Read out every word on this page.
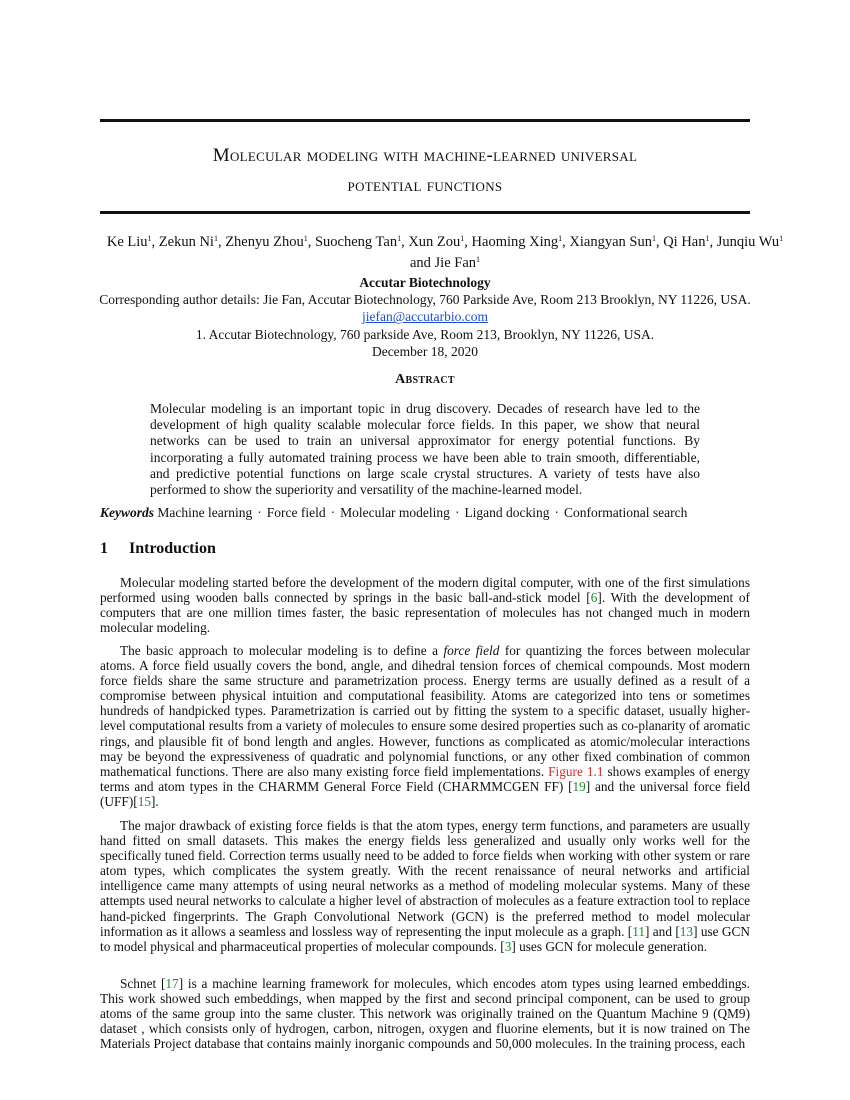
Molecular modeling with machine-learned universal
potential functions
Ke Liu$^1$, Zekun Ni$^1$, Zhenyu Zhou$^1$, Suocheng Tan$^1$, Xun Zou$^1$, Haoming Xing$^1$, Xiangyan Sun$^1$, Qi Han$^1$, Junqiu Wu$^1$
and Jie Fan$^1$
Accutar Biotechnology
Corresponding author details: Jie Fan, Accutar Biotechnology, 760 Parkside Ave, Room 213 Brooklyn, NY 11226, USA.
jiefan@accutarbio.com
1. Accutar Biotechnology, 760 parkside Ave, Room 213, Brooklyn, NY 11226, USA.
December 18, 2020
Abstract

Molecular modeling is an important topic in drug discovery. Decades of research have led to the development of high quality scalable molecular force fields. In this paper, we show that neural networks can be used to train an universal approximator for energy potential functions. By incorporating a fully automated training process we have been able to train smooth, differentiable, and predictive potential functions on large scale crystal structures. A variety of tests have also performed to show the superiority and versatility of the machine-learned model.

Keywords Machine learning · Force field · Molecular modeling · Ligand docking · Conformational search
1 Introduction

Molecular modeling started before the development of the modern digital computer, with one of the first simulations performed using wooden balls connected by springs in the basic ball-and-stick model [6]. With the development of computers that are one million times faster, the basic representation of molecules has not changed much in modern molecular modeling.

The basic approach to molecular modeling is to define a force field for quantizing the forces between molecular atoms. A force field usually covers the bond, angle, and dihedral tension forces of chemical compounds. Most modern force fields share the same structure and parametrization process. Energy terms are usually defined as a result of a compromise between physical intuition and computational feasibility. Atoms are categorized into tens or sometimes hundreds of handpicked types. Parametrization is carried out by fitting the system to a specific dataset, usually higher-level computational results from a variety of molecules to ensure some desired properties such as co-planarity of aromatic rings, and plausible fit of bond length and angles. However, functions as complicated as atomic/molecular interactions may be beyond the expressiveness of quadratic and polynomial functions, or any other fixed combination of common mathematical functions. There are also many existing force field implementations. Figure 1.1 shows examples of energy terms and atom types in the CHARMM General Force Field (CHARMMCGEN FF) [19] and the universal force field (UFF)[15].

The major drawback of existing force fields is that the atom types, energy term functions, and parameters are usually hand fitted on small datasets. This makes the energy fields less generalized and usually only works well for the specifically tuned field. Correction terms usually need to be added to force fields when working with other system or rare atom types, which complicates the system greatly. With the recent renaissance of neural networks and artificial intelligence came many attempts of using neural networks as a method of modeling molecular systems. Many of these attempts used neural networks to calculate a higher level of abstraction of molecules as a feature extraction tool to replace hand-picked fingerprints. The Graph Convolutional Network (GCN) is the preferred method to model molecular information as it allows a seamless and lossless way of representing the input molecule as a graph. [11] and [13] use GCN to model physical and pharmaceutical properties of molecular compounds. [3] uses GCN for molecule generation.

Schnet [17] is a machine learning framework for molecules, which encodes atom types using learned embeddings. This work showed such embeddings, when mapped by the first and second principal component, can be used to group atoms of the same group into the same cluster. This network was originally trained on the Quantum Machine 9 (QM9) dataset , which consists only of hydrogen, carbon, nitrogen, oxygen and fluorine elements, but it is now trained on The Materials Project database that contains mainly inorganic compounds and 50,000 molecules. In the training process, each
